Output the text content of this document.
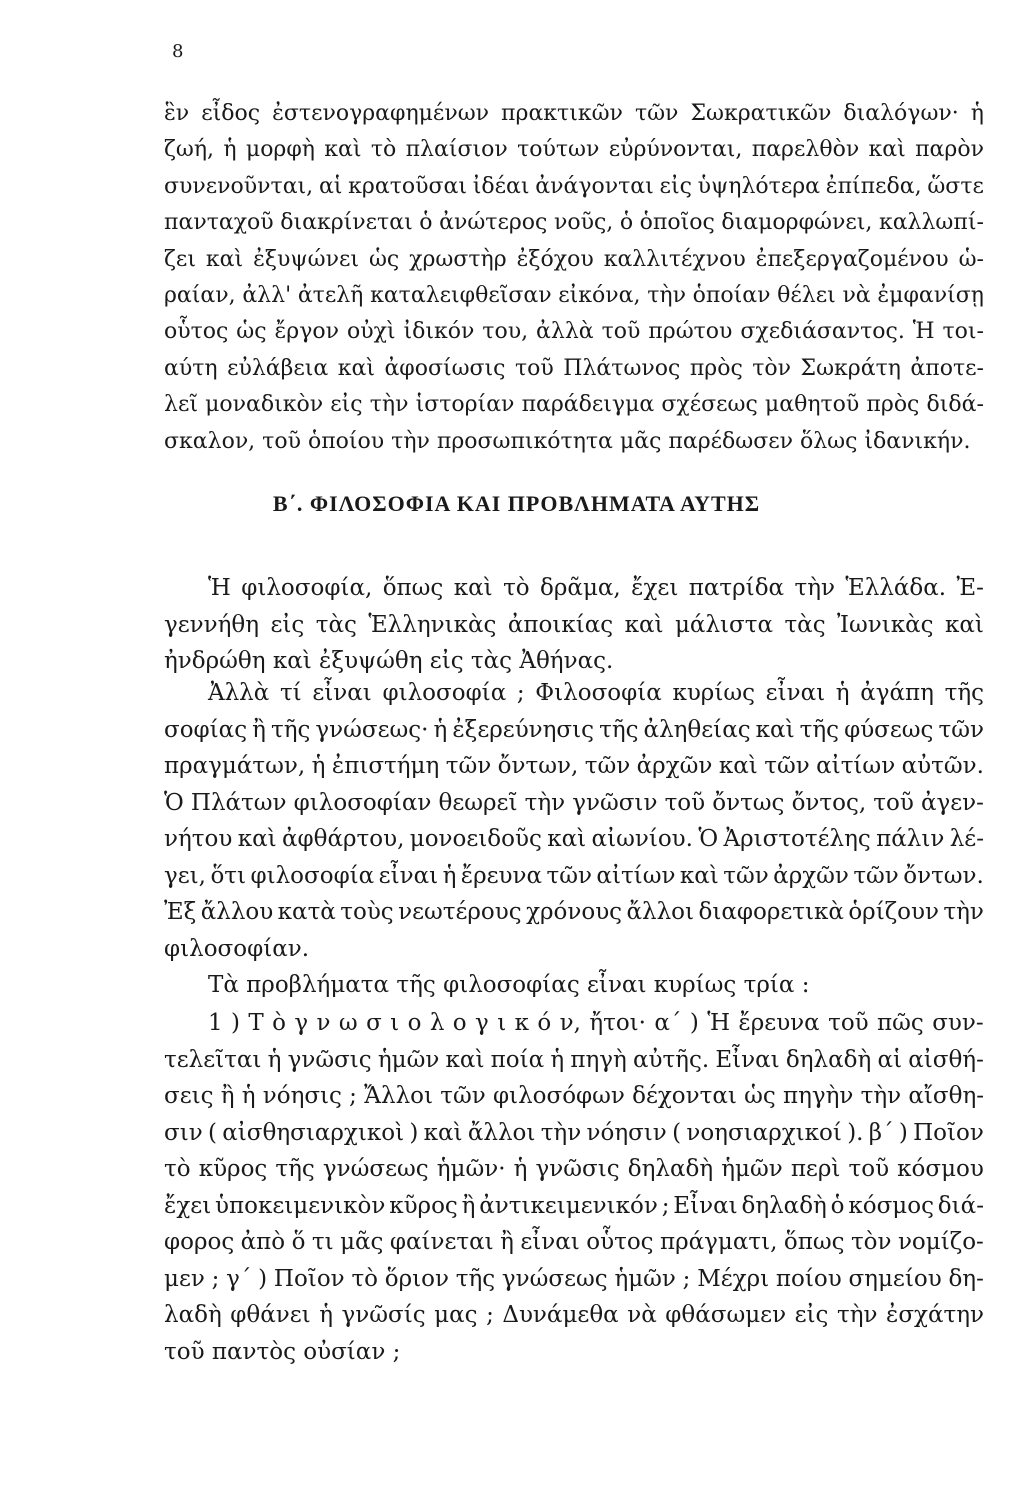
8
ἓν εἶδος ἐστενογραφημένων πρακτικῶν τῶν Σωκρατικῶν διαλόγων· ἡ
ζωή, ἡ μορφὴ καὶ τὸ πλαίσιον τούτων εὐρύνονται, παρελθὸν καὶ παρὸν
συνενοῦνται, αἱ κρατοῦσαι ἰδέαι ἀνάγονται εἰς ὑψηλότερα ἐπίπεδα, ὥστε
πανταχοῦ διακρίνεται ὁ ἀνώτερος νοῦς, ὁ ὁποῖος διαμορφώνει, καλλωπί-
ζει καὶ ἐξυψώνει ὡς χρωστὴρ ἐξόχου καλλιτέχνου ἐπεξεργαζομένου ὡ-
ραίαν, ἀλλ' ἀτελῆ καταλειφθεῖσαν εἰκόνα, τὴν ὁποίαν θέλει νὰ ἐμφανίσῃ
οὗτος ὡς ἔργον οὐχὶ ἰδικόν του, ἀλλὰ τοῦ πρώτου σχεδιάσαντος. Ἡ τοι-
αύτη εὐλάβεια καὶ ἀφοσίωσις τοῦ Πλάτωνος πρὸς τὸν Σωκράτη ἀποτε-
λεῖ μοναδικὸν εἰς τὴν ἱστορίαν παράδειγμα σχέσεως μαθητοῦ πρὸς διδά-
σκαλον, τοῦ ὁποίου τὴν προσωπικότητα μᾶς παρέδωσεν ὅλως ἰδανικήν.
Β΄. ΦΙΛΟΣΟΦΙΑ ΚΑΙ ΠΡΟΒΛΗΜΑΤΑ ΑΥΤΗΣ
Ἡ φιλοσοφία, ὅπως καὶ τὸ δρᾶμα, ἔχει πατρίδα τὴν Ἑλλάδα. Ἐ-
γεννήθη εἰς τὰς Ἑλληνικὰς ἀποικίας καὶ μάλιστα τὰς Ἰωνικὰς καὶ
ἠνδρώθη καὶ ἐξυψώθη εἰς τὰς Ἀθήνας.
Ἀλλὰ τί εἶναι φιλοσοφία ; Φιλοσοφία κυρίως εἶναι ἡ ἀγάπη τῆς
σοφίας ἢ τῆς γνώσεως· ἡ ἐξερεύνησις τῆς ἀληθείας καὶ τῆς φύσεως τῶν
πραγμάτων, ἡ ἐπιστήμη τῶν ὄντων, τῶν ἀρχῶν καὶ τῶν αἰτίων αὐτῶν.
Ὁ Πλάτων φιλοσοφίαν θεωρεῖ τὴν γνῶσιν τοῦ ὄντως ὄντος, τοῦ ἀγεν-
νήτου καὶ ἀφθάρτου, μονοειδοῦς καὶ αἰωνίου. Ὁ Ἀριστοτέλης πάλιν λέ-
γει, ὅτι φιλοσοφία εἶναι ἡ ἔρευνα τῶν αἰτίων καὶ τῶν ἀρχῶν τῶν ὄντων.
Ἐξ ἄλλου κατὰ τοὺς νεωτέρους χρόνους ἄλλοι διαφορετικὰ ὁρίζουν τὴν
φιλοσοφίαν.
Τὰ προβλήματα τῆς φιλοσοφίας εἶναι κυρίως τρία :
1 ) Τ ὸ γ ν ω σ ι ο λ ο γ ι κ ό ν, ἤτοι· α΄ ) Ἡ ἔρευνα τοῦ πῶς συν-
τελεῖται ἡ γνῶσις ἡμῶν καὶ ποία ἡ πηγὴ αὐτῆς. Εἶναι δηλαδὴ αἱ αἰσθή-
σεις ἢ ἡ νόησις ; Ἄλλοι τῶν φιλοσόφων δέχονται ὡς πηγὴν τὴν αἴσθη-
σιν ( αἰσθησιαρχικοὶ ) καὶ ἄλλοι τὴν νόησιν ( νοησιαρχικοί ). β΄ ) Ποῖον
τὸ κῦρος τῆς γνώσεως ἡμῶν· ἡ γνῶσις δηλαδὴ ἡμῶν περὶ τοῦ κόσμου
ἔχει ὑποκειμενικὸν κῦρος ἢ ἀντικειμενικόν ; Εἶναι δηλαδὴ ὁ κόσμος διά-
φορος ἀπὸ ὅ τι μᾶς φαίνεται ἢ εἶναι οὗτος πράγματι, ὅπως τὸν νομίζο-
μεν ; γ΄ ) Ποῖον τὸ ὅριον τῆς γνώσεως ἡμῶν ; Μέχρι ποίου σημείου δη-
λαδὴ φθάνει ἡ γνῶσίς μας ; Δυνάμεθα νὰ φθάσωμεν εἰς τὴν ἐσχάτην
τοῦ παντὸς οὐσίαν ;
